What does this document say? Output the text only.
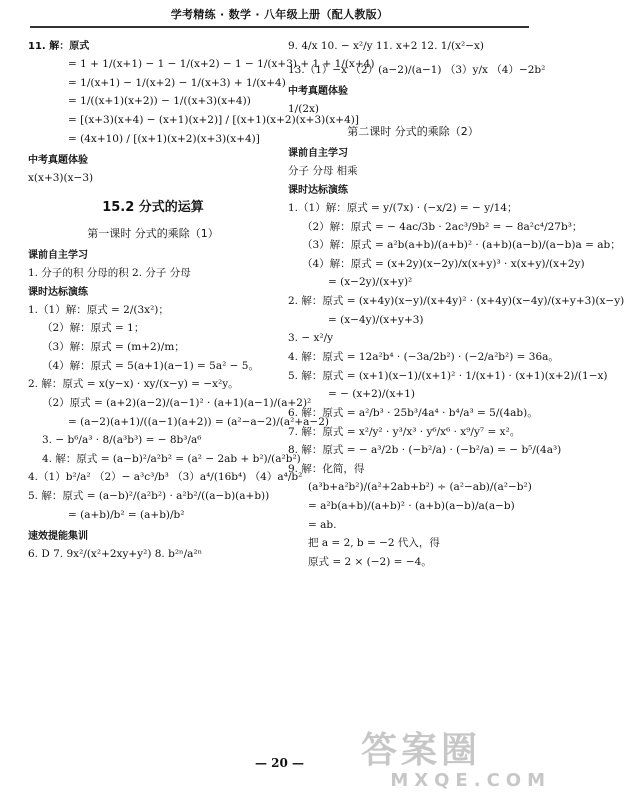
学考精练 · 数学 · 八年级上册（配人教版）
11. 解：原式
= 1 + 1/(x+1) − 1 − 1/(x+2) − 1 − 1/(x+3) + 1 + 1/(x+4)
= 1/(x+1) − 1/(x+2) − 1/(x+3) + 1/(x+4)
= 1/((x+1)(x+2)) − 1/((x+3)(x+4))
= [(x+3)(x+4) − (x+1)(x+2)] / [(x+1)(x+2)(x+3)(x+4)]
= (4x+10) / [(x+1)(x+2)(x+3)(x+4)]
中考真题体验
x(x+3)(x−3)
15.2 分式的运算
第一课时 分式的乘除（1）
课前自主学习
1. 分子的积 分母的积 2. 分子 分母
课时达标演练
1.（1）解：原式 = 2/(3x²)；
（2）解：原式 = 1；
（3）解：原式 = (m+2)/m；
（4）解：原式 = 5(a+1)(a−1) = 5a² − 5。
2. 解：原式 = x(y−x) · xy/(x−y) = −x²y。
（2）原式 = (a+2)(a−2)/(a−1)² · (a+1)(a−1)/(a+2)²
= (a−2)(a+1)/((a−1)(a+2)) = (a²−a−2)/(a²+a−2)
3. − b⁶/a³ · 8/(a³b³) = − 8b³/a⁶
4. 解：原式 = (a−b)²/a²b² = (a² − 2ab + b²)/(a²b²)
4.（1）b²/a² （2）− a³c³/b³ （3）a⁴/(16b⁴) （4）a⁴/b²
5. 解：原式 = (a−b)²/(a²b²) · a²b²/((a−b)(a+b))
= (a+b)/b² = (a+b)/b²
速效提能集训
6. D 7. 9x²/(x²+2xy+y²) 8. b²ⁿ/a²ⁿ
9. 4/x 10. − x²/y 11. x+2 12. 1/(x²−x)
13.（1）−x （2）(a−2)/(a−1) （3）y/x （4）−2b²
中考真题体验
1/(2x)
第二课时 分式的乘除（2）
课前自主学习
分子 分母 相乘
课时达标演练
1.（1）解：原式 = y/(7x) · (−x/2) = − y/14；
（2）解：原式 = − 4ac/3b · 2ac³/9b² = − 8a²c⁴/27b³；
（3）解：原式 = a²b(a+b)/(a+b)² · (a+b)(a−b)/(a−b)a = ab；
（4）解：原式 = (x+2y)(x−2y)/x(x+y)³ · x(x+y)/(x+2y)
= (x−2y)/(x+y)²
2. 解：原式 = (x+4y)(x−y)/(x+4y)² · (x+4y)(x−4y)/(x+y+3)(x−y)
= (x−4y)/(x+y+3)
3. − x²/y
4. 解：原式 = 12a²b⁴ · (−3a/2b²) · (−2/a²b²) = 36a。
5. 解：原式 = (x+1)(x−1)/(x+1)² · 1/(x+1) · (x+1)(x+2)/(1−x)
= − (x+2)/(x+1)
6. 解：原式 = a²/b³ · 25b³/4a⁴ · b⁴/a³ = 5/(4ab)。
7. 解：原式 = x²/y² · y³/x³ · y⁶/x⁶ · x⁹/y⁷ = x²。
8. 解：原式 = − a³/2b · (−b²/a) · (−b²/a) = − b⁵/(4a³)
9. 解：化简，得
(a³b+a²b²)/(a²+2ab+b²) ÷ (a²−ab)/(a²−b²)
= a²b(a+b)/(a+b)² · (a+b)(a−b)/a(a−b)
= ab.
把 a = 2, b = −2 代入，得
原式 = 2 × (−2) = −4。
— 20 —	答案圈
MXQE.COM
